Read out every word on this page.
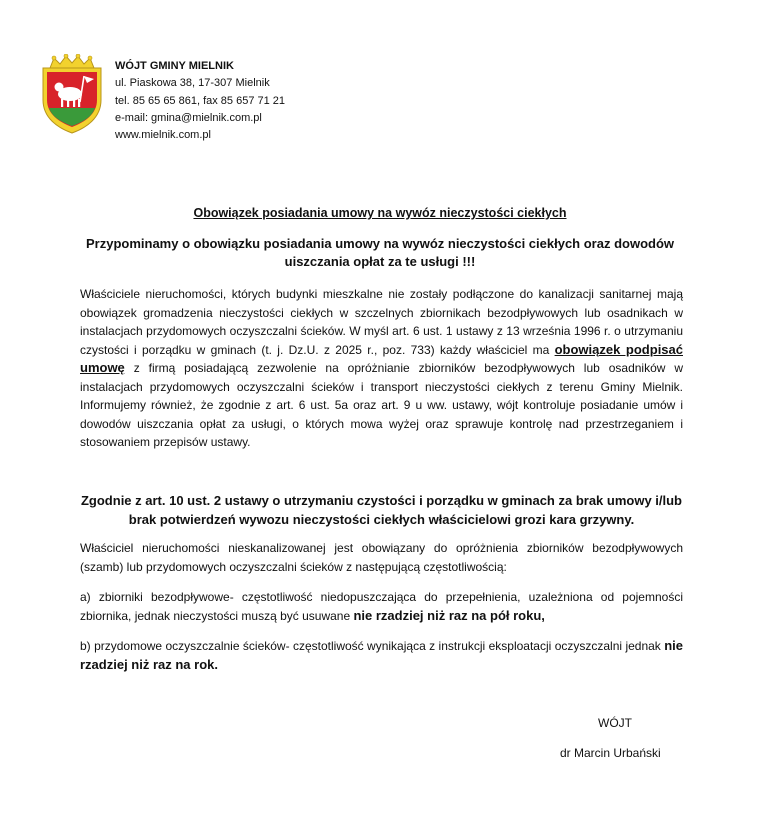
WÓJT GMINY MIELNIK
ul. Piaskowa 38, 17-307 Mielnik
tel. 85 65 65 861, fax 85 657 71 21
e-mail: gmina@mielnik.com.pl
www.mielnik.com.pl
Obowiązek posiadania umowy na wywóz nieczystości ciekłych
Przypominamy o obowiązku posiadania umowy na wywóz nieczystości ciekłych oraz dowodów
uiszczania opłat za te usługi !!!
Właściciele nieruchomości, których budynki mieszkalne nie zostały podłączone do kanalizacji sanitarnej mają obowiązek gromadzenia nieczystości ciekłych w szczelnych zbiornikach bezodpływowych lub osadnikach w instalacjach przydomowych oczyszczalni ścieków. W myśl art. 6 ust. 1 ustawy z 13 września 1996 r. o utrzymaniu czystości i porządku w gminach (t. j. Dz.U. z 2025 r., poz. 733) każdy właściciel ma obowiązek podpisać umowę z firmą posiadającą zezwolenie na opróżnianie zbiorników bezodpływowych lub osadników w instalacjach przydomowych oczyszczalni ścieków i transport nieczystości ciekłych z terenu Gminy Mielnik. Informujemy również, że zgodnie z art. 6 ust. 5a oraz art. 9 u ww. ustawy, wójt kontroluje posiadanie umów i dowodów uiszczania opłat za usługi, o których mowa wyżej oraz sprawuje kontrolę nad przestrzeganiem i stosowaniem przepisów ustawy.
Zgodnie z art. 10 ust. 2 ustawy o utrzymaniu czystości i porządku w gminach za brak umowy i/lub
brak potwierdzeń wywozu nieczystości ciekłych właścicielowi grozi kara grzywny.
Właściciel nieruchomości nieskanalizowanej jest obowiązany do opróżnienia zbiorników bezodpływowych (szamb) lub przydomowych oczyszczalni ścieków z następującą częstotliwością:
a) zbiorniki bezodpływowe- częstotliwość niedopuszczająca do przepełnienia, uzależniona od pojemności zbiornika, jednak nieczystości muszą być usuwane nie rzadziej niż raz na pół roku,
b) przydomowe oczyszczalnie ścieków- częstotliwość wynikająca z instrukcji eksploatacji oczyszczalni jednak nie rzadziej niż raz na rok.
WÓJT
dr Marcin Urbański
